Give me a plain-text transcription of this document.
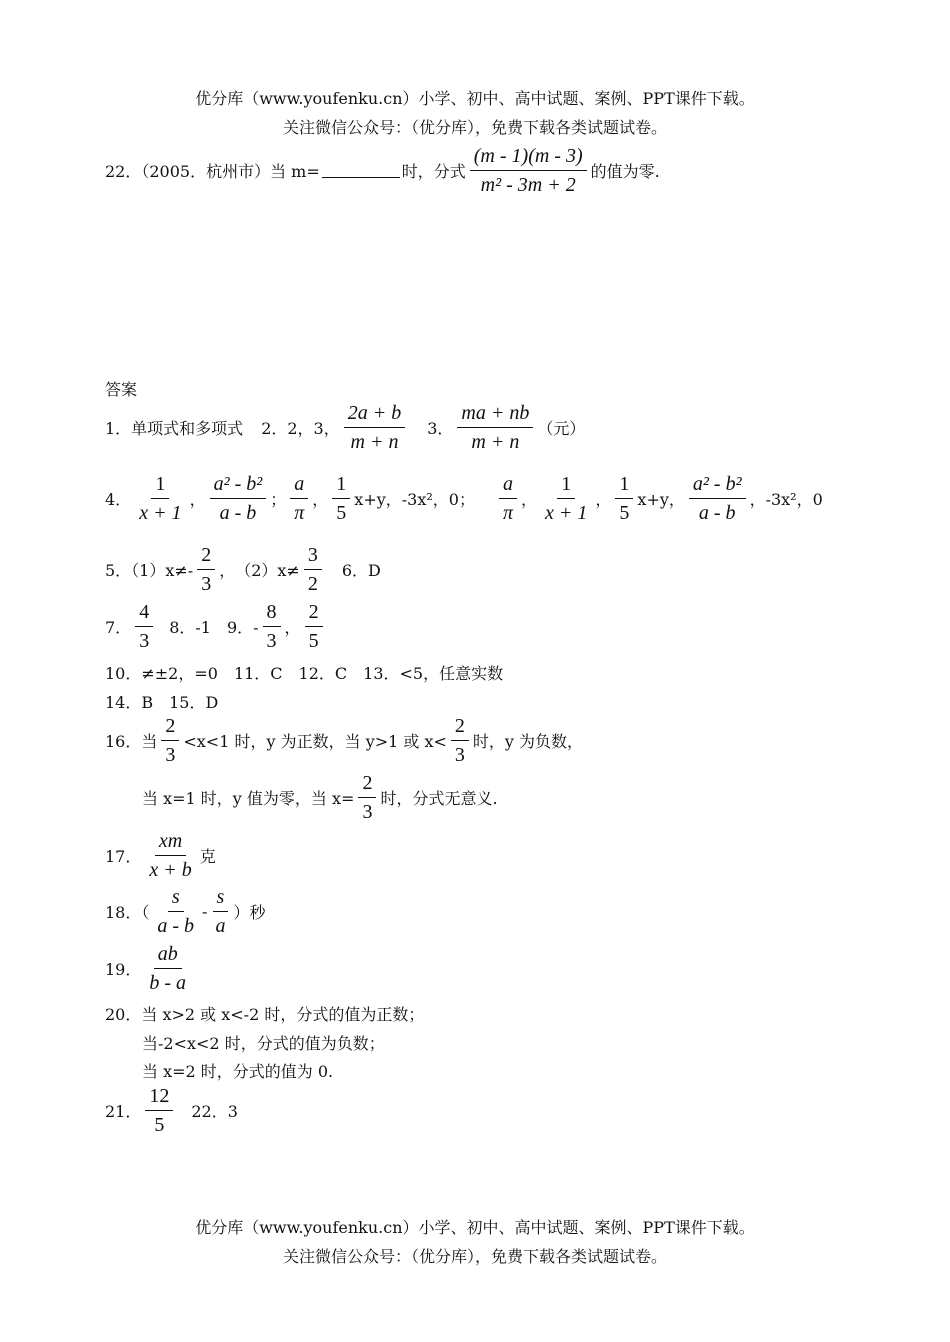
优分库（www.youfenku.cn）小学、初中、高中试题、案例、PPT课件下载。
关注微信公众号：（优分库），免费下载各类试题试卷。
22．（2005．杭州市）当 m=	时，分式 $\frac{(m - 1)(m - 3)}{\text{m² - 3m + 2}}$ 的值为零.
答案
1．单项式和多项式 2．2，3， $\frac{2a + b}{m + n} 3$． $\frac{ma + nb}{m + n}$ （元）
4． $\frac{1}{x + 1}$ ， $\frac{\text{a² - b²}}{a - b}$ ； $\frac{a}{\pi}$ ， $\frac{1}{5} x+y$，-3x²，0； $\frac{a}{\pi}$ ， $\frac{1}{x + 1}$ ， $\frac{1}{5} x+y$， $\frac{\text{a² - b²}}{a - b}$ ，-3x²，0
5．$(1)x\ne- \frac{2}{3}$ ，　$(2)x\ne \frac{3}{2} 6$．D
7． $\frac{4}{3} 8$．-1　9．- $\frac{8}{3}$ ， $\frac{2}{5}$
10．≠±2，=0　11．C　12．C　13．<5，任意实数
14．B　15．D
16．当 $\frac{2}{3} <x<1$ 时，y 为正数，当 y>1 或 $x< \frac{2}{3}$ 时，y 为负数，
当 x=1 时，y 值为零，当 $x= \frac{2}{3}$ 时，分式无意义.
17． $\frac{xm}{x + b}$ 克
18．（ $\frac{s}{a - b} - \frac{s}{a}$ ）秒
19． $\frac{ab}{b - a}$
20．当 x>2 或 x<-2 时，分式的值为正数；
当-2<x<2 时，分式的值为负数；
当 x=2 时，分式的值为 0.
21． $\frac{12}{5} 22$．3
优分库（www.youfenku.cn）小学、初中、高中试题、案例、PPT课件下载。
关注微信公众号：（优分库），免费下载各类试题试卷。
